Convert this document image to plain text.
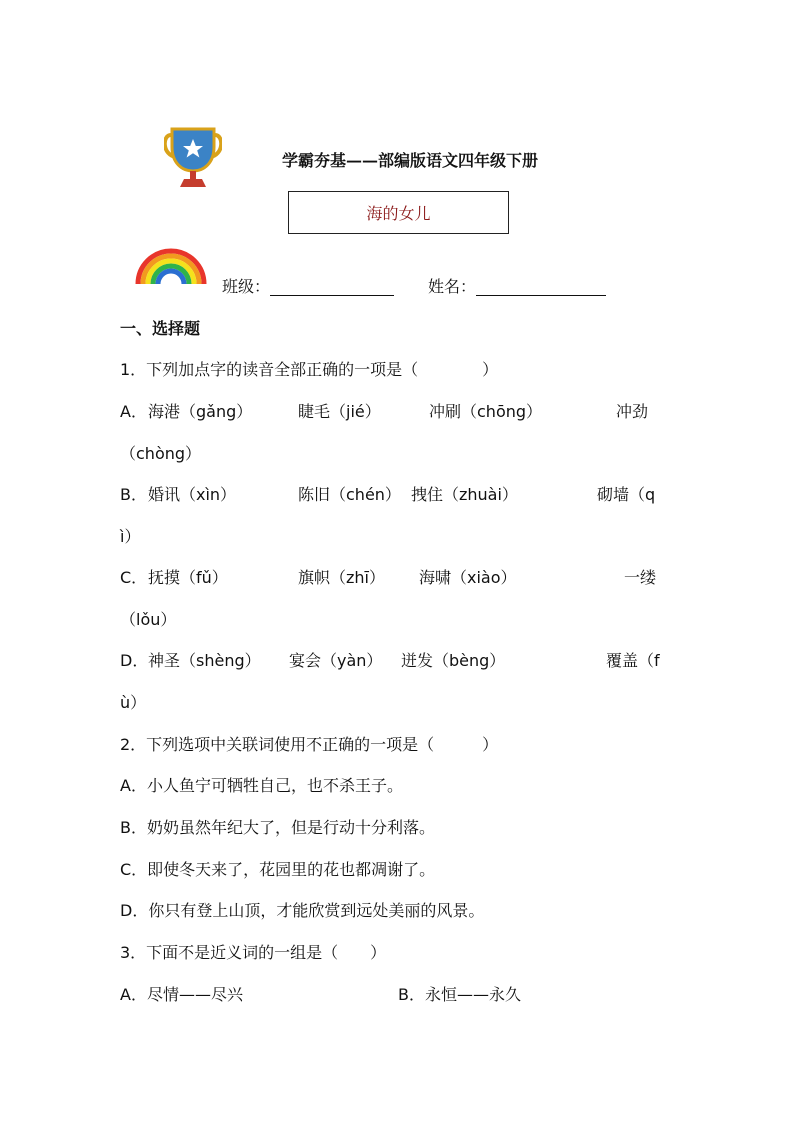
学霸夯基——部编版语文四年级下册
海的女儿
班级：	姓名：
一、选择题
1．下列加点字的读音全部正确的一项是（　　　　）
A． 海港（gǎng）	睫毛（jié）	冲刷（chōng）	冲劲
（chòng）
B． 婚讯（xìn）	陈旧（chén） 拽住（zhuài）	砌墙（q
ì）
C． 抚摸（fǔ）	旗帜（zhī） 海啸（xiào）	一缕
（lǒu）
D． 神圣（shèng） 宴会（yàn） 迸发（bèng）	覆盖（f
ù）
2．下列选项中关联词使用不正确的一项是（　　　）
A．小人鱼宁可牺牲自己，也不杀王子。
B．奶奶虽然年纪大了，但是行动十分利落。
C．即使冬天来了，花园里的花也都凋谢了。
D．你只有登上山顶，才能欣赏到远处美丽的风景。
3．下面不是近义词的一组是（　　）
A．尽情——尽兴	B．永恒——永久
